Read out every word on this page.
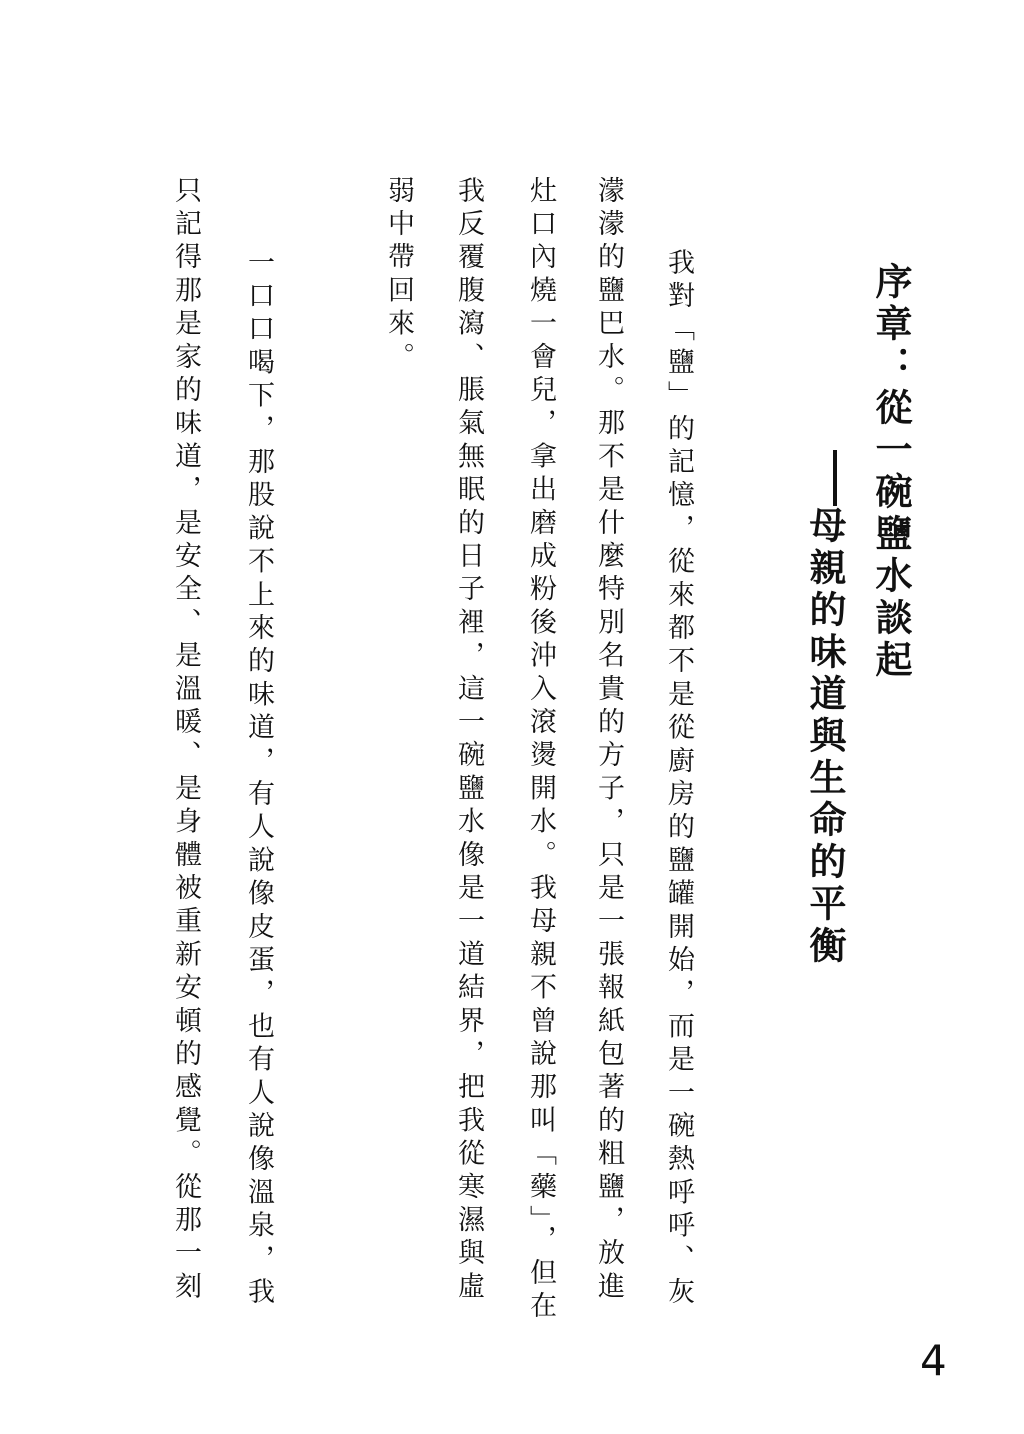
序章：從一碗鹽水談起
母親的味道與生命的平衡
我對「鹽」的記憶，從來都不是從廚房的鹽罐開始，而是一碗熱呼呼、灰
濛濛的鹽巴水。那不是什麼特別名貴的方子，只是一張報紙包著的粗鹽，放進
灶口內燒一會兒，拿出磨成粉後沖入滾燙開水。我母親不曾說那叫「藥」，但在
我反覆腹瀉、脹氣無眠的日子裡，這一碗鹽水像是一道結界，把我從寒濕與虛
弱中帶回來。
一口口喝下，那股說不上來的味道，有人說像皮蛋，也有人說像溫泉，我
只記得那是家的味道，是安全、是溫暖、是身體被重新安頓的感覺。從那一刻
4
